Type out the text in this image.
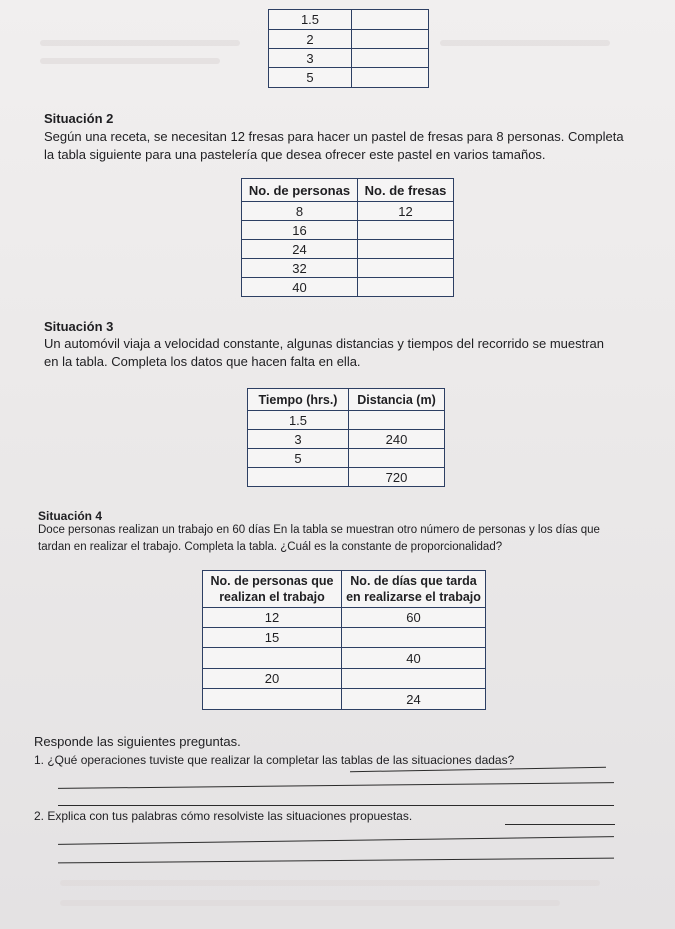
1.5	
2	
3	
5	
Situación 2

Según una receta, se necesitan 12 fresas para hacer un pastel de fresas para 8 personas. Completa
la tabla siguiente para una pastelería que desea ofrecer este pastel en varios tamaños.

No. de personas	No. de fresas
8	12
16	
24	
32	
40	
Situación 3

Un automóvil viaja a velocidad constante, algunas distancias y tiempos del recorrido se muestran
en la tabla. Completa los datos que hacen falta en ella.

Tiempo (hrs.)	Distancia (m)
1.5	
3	240
5	
	720
Situación 4

Doce personas realizan un trabajo en 60 días En la tabla se muestran otro número de personas y los días que
tardan en realizar el trabajo. Completa la tabla. ¿Cuál es la constante de proporcionalidad?

No. de personas que
realizan el trabajo	No. de días que tarda
en realizarse el trabajo
12	60
15	
	40
20	
	24
Responde las siguientes preguntas.
1. ¿Qué operaciones tuviste que realizar la completar las tablas de las situaciones dadas?
2. Explica con tus palabras cómo resolviste las situaciones propuestas.
